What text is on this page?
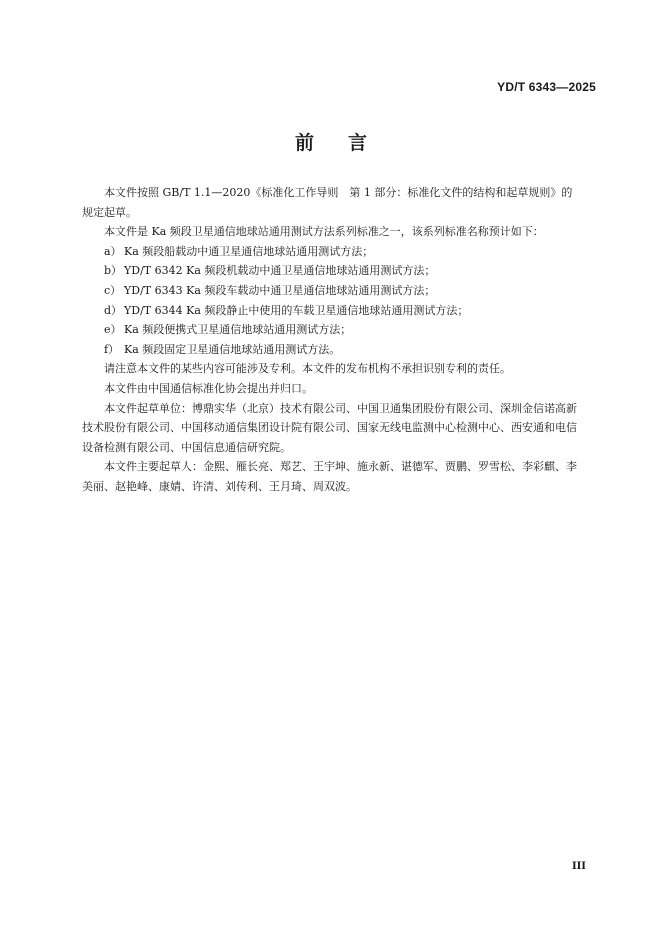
YD/T 6343—2025
前言

本文件按照 GB/T 1.1—2020《标准化工作导则　第 1 部分：标准化文件的结构和起草规则》的规定起草。

本文件是 Ka 频段卫星通信地球站通用测试方法系列标准之一，该系列标准名称预计如下：

a） Ka 频段船载动中通卫星通信地球站通用测试方法；

b） YD/T 6342 Ka 频段机载动中通卫星通信地球站通用测试方法；

c） YD/T 6343 Ka 频段车载动中通卫星通信地球站通用测试方法；

d） YD/T 6344 Ka 频段静止中使用的车载卫星通信地球站通用测试方法；

e） Ka 频段便携式卫星通信地球站通用测试方法；

f） Ka 频段固定卫星通信地球站通用测试方法。

请注意本文件的某些内容可能涉及专利。本文件的发布机构不承担识别专利的责任。

本文件由中国通信标准化协会提出并归口。

本文件起草单位：博鼎实华（北京）技术有限公司、中国卫通集团股份有限公司、深圳金信诺高新技术股份有限公司、中国移动通信集团设计院有限公司、国家无线电监测中心检测中心、西安通和电信设备检测有限公司、中国信息通信研究院。

本文件主要起草人：金熙、雁长亮、郑艺、王宇坤、施永新、谌德军、贾鹏、罗雪松、李彩麒、李美丽、赵艳峰、康婧、许清、刘传利、王月琦、周双波。

III
